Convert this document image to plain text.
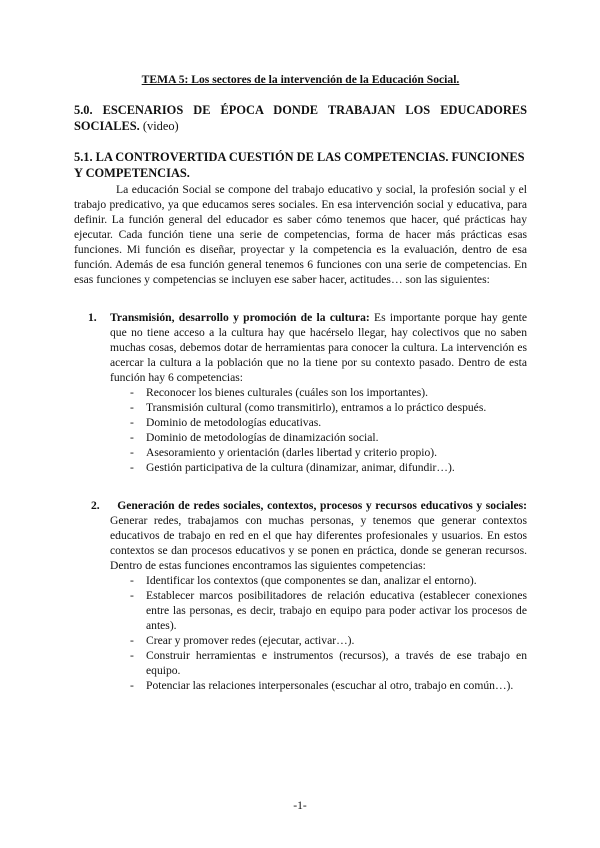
TEMA 5: Los sectores de la intervención de la Educación Social.
5.0. ESCENARIOS DE ÉPOCA DONDE TRABAJAN LOS EDUCADORES SOCIALES. (video)
5.1. LA CONTROVERTIDA CUESTIÓN DE LAS COMPETENCIAS. FUNCIONES Y COMPETENCIAS.

La educación Social se compone del trabajo educativo y social, la profesión social y el trabajo predicativo, ya que educamos seres sociales. En esa intervención social y educativa, para definir. La función general del educador es saber cómo tenemos que hacer, qué prácticas hay ejecutar. Cada función tiene una serie de competencias, forma de hacer más prácticas esas funciones. Mi función es diseñar, proyectar y la competencia es la evaluación, dentro de esa función. Además de esa función general tenemos 6 funciones con una serie de competencias. En esas funciones y competencias se incluyen ese saber hacer, actitudes… son las siguientes:

1. Transmisión, desarrollo y promoción de la cultura: Es importante porque hay gente que no tiene acceso a la cultura hay que hacérselo llegar, hay colectivos que no saben muchas cosas, debemos dotar de herramientas para conocer la cultura. La intervención es acercar la cultura a la población que no la tiene por su contexto pasado. Dentro de esta función hay 6 competencias:

- Reconocer los bienes culturales (cuáles son los importantes).
- Transmisión cultural (como transmitirlo), entramos a lo práctico después.
- Dominio de metodologías educativas.
- Dominio de metodologías de dinamización social.
- Asesoramiento y orientación (darles libertad y criterio propio).
- Gestión participativa de la cultura (dinamizar, animar, difundir…).
2.	Generación de redes sociales, contextos, procesos y recursos educativos y sociales: Generar redes, trabajamos con muchas personas, y tenemos que generar contextos educativos de trabajo en red en el que hay diferentes profesionales y usuarios. En estos contextos se dan procesos educativos y se ponen en práctica, donde se generan recursos. Dentro de estas funciones encontramos las siguientes competencias:

- Identificar los contextos (que componentes se dan, analizar el entorno).
- Establecer marcos posibilitadores de relación educativa (establecer conexiones entre las personas, es decir, trabajo en equipo para poder activar los procesos de antes).
- Crear y promover redes (ejecutar, activar…).
- Construir herramientas e instrumentos (recursos), a través de ese trabajo en equipo.
- Potenciar las relaciones interpersonales (escuchar al otro, trabajo en común…).
-1-
